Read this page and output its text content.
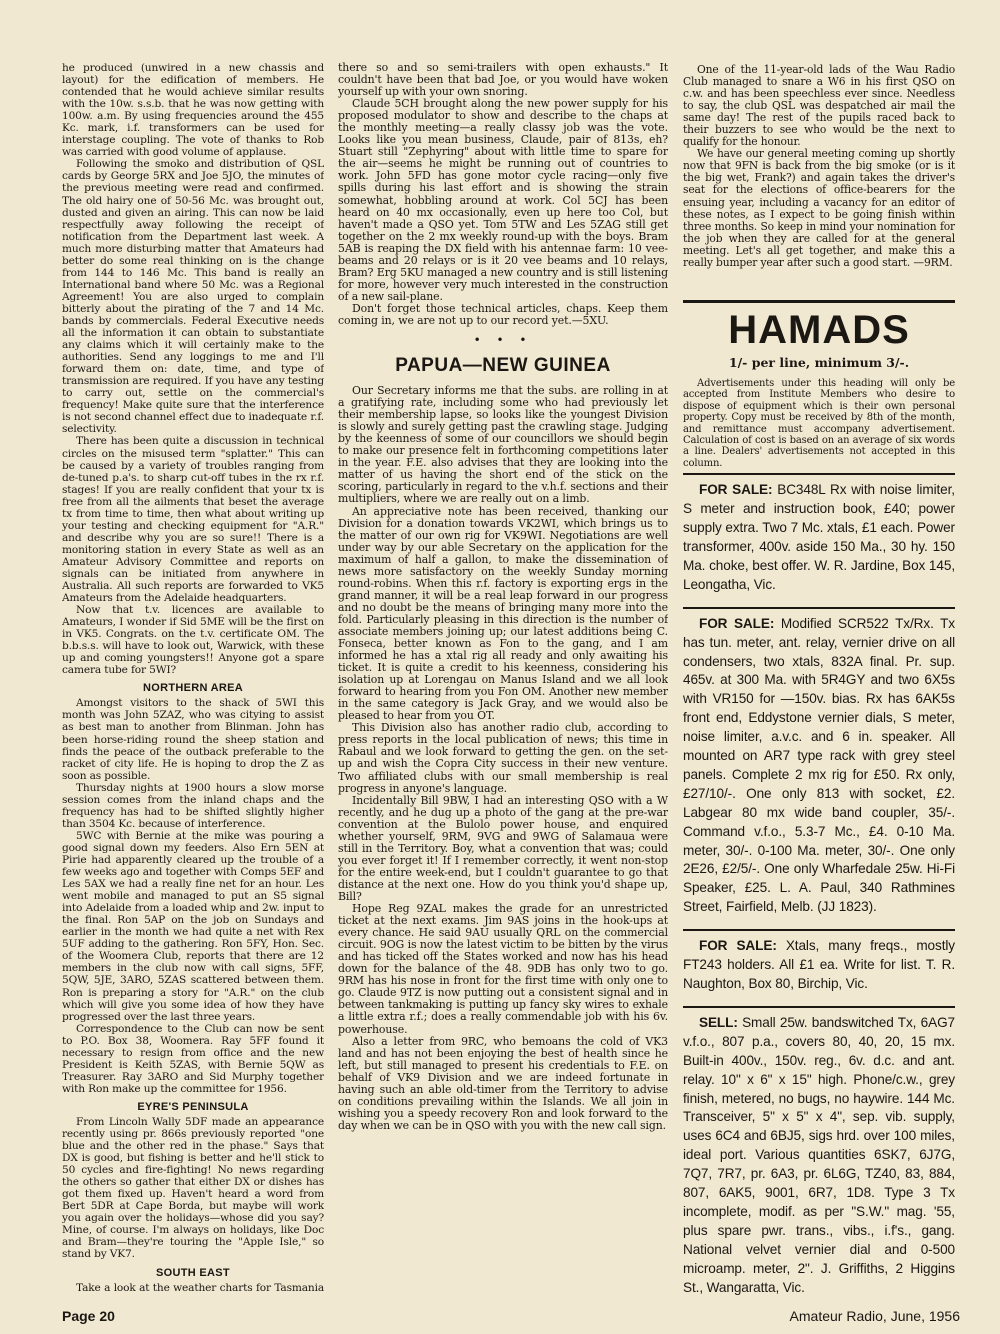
he produced (unwired in a new chassis and layout) for the edification of members. He contended that he would achieve similar results with the 10w. s.s.b. that he was now getting with 100w. a.m. By using frequencies around the 455 Kc. mark, i.f. transformers can be used for interstage coupling. The vote of thanks to Rob was carried with good volume of applause.

Following the smoko and distribution of QSL cards by George 5RX and Joe 5JO, the minutes of the previous meeting were read and confirmed. The old hairy one of 50-56 Mc. was brought out, dusted and given an airing. This can now be laid respectfully away following the receipt of notification from the Department last week. A much more disturbing matter that Amateurs had better do some real thinking on is the change from 144 to 146 Mc. This band is really an International band where 50 Mc. was a Regional Agreement! You are also urged to complain bitterly about the pirating of the 7 and 14 Mc. bands by commercials. Federal Executive needs all the information it can obtain to substantiate any claims which it will certainly make to the authorities. Send any loggings to me and I'll forward them on: date, time, and type of transmission are required. If you have any testing to carry out, settle on the commercial's frequency! Make quite sure that the interference is not second channel effect due to inadequate r.f. selectivity.

There has been quite a discussion in technical circles on the misused term "splatter." This can be caused by a variety of troubles ranging from de-tuned p.a's. to sharp cut-off tubes in the rx r.f. stages! If you are really confident that your tx is free from all the ailments that beset the average tx from time to time, then what about writing up your testing and checking equipment for "A.R." and describe why you are so sure!! There is a monitoring station in every State as well as an Amateur Advisory Committee and reports on signals can be initiated from anywhere in Australia. All such reports are forwarded to VK5 Amateurs from the Adelaide headquarters.

Now that t.v. licences are available to Amateurs, I wonder if Sid 5ME will be the first on in VK5. Congrats. on the t.v. certificate OM. The b.b.s.s. will have to look out, Warwick, with these up and coming youngsters!! Anyone got a spare camera tube for 5WI?

NORTHERN AREA

Amongst visitors to the shack of 5WI this month was John 5ZAZ, who was citying to assist as best man to another from Blinman. John has been horse-riding round the sheep station and finds the peace of the outback preferable to the racket of city life. He is hoping to drop the Z as soon as possible.

Thursday nights at 1900 hours a slow morse session comes from the inland chaps and the frequency has had to be shifted slightly higher than 3504 Kc. because of interference.

5WC with Bernie at the mike was pouring a good signal down my feeders. Also Ern 5EN at Pirie had apparently cleared up the trouble of a few weeks ago and together with Comps 5EF and Les 5AX we had a really fine net for an hour. Les went mobile and managed to put an S5 signal into Adelaide from a loaded whip and 2w. input to the final. Ron 5AP on the job on Sundays and earlier in the month we had quite a net with Rex 5UF adding to the gathering. Ron 5FY, Hon. Sec. of the Woomera Club, reports that there are 12 members in the club now with call signs, 5FF, 5QW, 5JE, 3ARO, 5ZAS scattered between them. Ron is preparing a story for "A.R." on the club which will give you some idea of how they have progressed over the last three years.

Correspondence to the Club can now be sent to P.O. Box 38, Woomera. Ray 5FF found it necessary to resign from office and the new President is Keith 5ZAS, with Bernie 5QW as Treasurer. Ray 3ARO and Sid Murphy together with Ron make up the committee for 1956.

EYRE'S PENINSULA

From Lincoln Wally 5DF made an appearance recently using pr. 866s previously reported "one blue and the other red in the phase." Says that DX is good, but fishing is better and he'll stick to 50 cycles and fire-fighting! No news regarding the others so gather that either DX or dishes has got them fixed up. Haven't heard a word from Bert 5DR at Cape Borda, but maybe will work you again over the holidays—whose did you say? Mine, of course. I'm always on holidays, like Doc and Bram—they're touring the "Apple Isle," so stand by VK7.

SOUTH EAST

Take a look at the weather charts for Tasmania

there so and so semi-trailers with open exhausts." It couldn't have been that bad Joe, or you would have woken yourself up with your own snoring.

Claude 5CH brought along the new power supply for his proposed modulator to show and describe to the chaps at the monthly meeting—a really classy job was the vote. Looks like you mean business, Claude, pair of 813s, eh? Stuart still "Zephyring" about with little time to spare for the air—seems he might be running out of countries to work. John 5FD has gone motor cycle racing—only five spills during his last effort and is showing the strain somewhat, hobbling around at work. Col 5CJ has been heard on 40 mx occasionally, even up here too Col, but haven't made a QSO yet. Tom 5TW and Les 5ZAG still get together on the 2 mx weekly round-up with the boys. Bram 5AB is reaping the DX field with his antennae farm: 10 vee-beams and 20 relays or is it 20 vee beams and 10 relays, Bram? Erg 5KU managed a new country and is still listening for more, however very much interested in the construction of a new sail-plane.

Don't forget those technical articles, chaps. Keep them coming in, we are not up to our record yet.—5XU.

• • •
PAPUA—NEW GUINEA

Our Secretary informs me that the subs. are rolling in at a gratifying rate, including some who had previously let their membership lapse, so looks like the youngest Division is slowly and surely getting past the crawling stage. Judging by the keenness of some of our councillors we should begin to make our presence felt in forthcoming competitions later in the year. F.E. also advises that they are looking into the matter of us having the short end of the stick on the scoring, particularly in regard to the v.h.f. sections and their multipliers, where we are really out on a limb.

An appreciative note has been received, thanking our Division for a donation towards VK2WI, which brings us to the matter of our own rig for VK9WI. Negotiations are well under way by our able Secretary on the application for the maximum of half a gallon, to make the dissemination of news more satisfactory on the weekly Sunday morning round-robins. When this r.f. factory is exporting ergs in the grand manner, it will be a real leap forward in our progress and no doubt be the means of bringing many more into the fold. Particularly pleasing in this direction is the number of associate members joining up; our latest additions being C. Fonseca, better known as Fon to the gang, and I am informed he has a xtal rig all ready and only awaiting his ticket. It is quite a credit to his keenness, considering his isolation up at Lorengau on Manus Island and we all look forward to hearing from you Fon OM. Another new member in the same category is Jack Gray, and we would also be pleased to hear from you OT.

This Division also has another radio club, according to press reports in the local publication of news; this time in Rabaul and we look forward to getting the gen. on the set-up and wish the Copra City success in their new venture. Two affiliated clubs with our small membership is real progress in anyone's language.

Incidentally Bill 9BW, I had an interesting QSO with a W recently, and he dug up a photo of the gang at the pre-war convention at the Bulolo power house, and enquired whether yourself, 9RM, 9VG and 9WG of Salamaua were still in the Territory. Boy, what a convention that was; could you ever forget it! If I remember correctly, it went non-stop for the entire week-end, but I couldn't guarantee to go that distance at the next one. How do you think you'd shape up, Bill?

Hope Reg 9ZAL makes the grade for an unrestricted ticket at the next exams. Jim 9AS joins in the hook-ups at every chance. He said 9AU usually QRL on the commercial circuit. 9OG is now the latest victim to be bitten by the virus and has ticked off the States worked and now has his head down for the balance of the 48. 9DB has only two to go. 9RM has his nose in front for the first time with only one to go. Claude 9TZ is now putting out a consistent signal and in between tankmaking is putting up fancy sky wires to exhale a little extra r.f.; does a really commendable job with his 6v. powerhouse.

Also a letter from 9RC, who bemoans the cold of VK3 land and has not been enjoying the best of health since he left, but still managed to present his credentials to F.E. on behalf of VK9 Division and we are indeed fortunate in having such an able old-timer from the Territory to advise on conditions prevailing within the Islands. We all join in wishing you a speedy recovery Ron and look forward to the day when we can be in QSO with you with the new call sign.

One of the 11-year-old lads of the Wau Radio Club managed to snare a W6 in his first QSO on c.w. and has been speechless ever since. Needless to say, the club QSL was despatched air mail the same day! The rest of the pupils raced back to their buzzers to see who would be the next to qualify for the honour.

We have our general meeting coming up shortly now that 9FN is back from the big smoke (or is it the big wet, Frank?) and again takes the driver's seat for the elections of office-bearers for the ensuing year, including a vacancy for an editor of these notes, as I expect to be going finish within three months. So keep in mind your nomination for the job when they are called for at the general meeting. Let's all get together, and make this a really bumper year after such a good start. —9RM.

HAMADS
1/- per line, minimum 3/-.

Advertisements under this heading will only be accepted from Institute Members who desire to dispose of equipment which is their own personal property. Copy must be received by 8th of the month, and remittance must accompany advertisement. Calculation of cost is based on an average of six words a line. Dealers' advertisements not accepted in this column.

FOR SALE: BC348L Rx with noise limiter, S meter and instruction book, £40; power supply extra. Two 7 Mc. xtals, £1 each. Power transformer, 400v. aside 150 Ma., 30 hy. 150 Ma. choke, best offer. W. R. Jardine, Box 145, Leongatha, Vic.

FOR SALE: Modified SCR522 Tx/Rx. Tx has tun. meter, ant. relay, vernier drive on all condensers, two xtals, 832A final. Pr. sup. 465v. at 300 Ma. with 5R4GY and two 6X5s with VR150 for —150v. bias. Rx has 6AK5s front end, Eddystone vernier dials, S meter, noise limiter, a.v.c. and 6 in. speaker. All mounted on AR7 type rack with grey steel panels. Complete 2 mx rig for £50. Rx only, £27/10/-. One only 813 with socket, £2. Labgear 80 mx wide band coupler, 35/-. Command v.f.o., 5.3-7 Mc., £4. 0-10 Ma. meter, 30/-. 0-100 Ma. meter, 30/-. One only 2E26, £2/5/-. One only Wharfedale 25w. Hi-Fi Speaker, £25. L. A. Paul, 340 Rathmines Street, Fairfield, Melb. (JJ 1823).

FOR SALE: Xtals, many freqs., mostly FT243 holders. All £1 ea. Write for list. T. R. Naughton, Box 80, Birchip, Vic.

SELL: Small 25w. bandswitched Tx, 6AG7 v.f.o., 807 p.a., covers 80, 40, 20, 15 mx. Built-in 400v., 150v. reg., 6v. d.c. and ant. relay. 10" x 6" x 15" high. Phone/c.w., grey finish, metered, no bugs, no haywire. 144 Mc. Transceiver, 5" x 5" x 4", sep. vib. supply, uses 6C4 and 6BJ5, sigs hrd. over 100 miles, ideal port. Various quantities 6SK7, 6J7G, 7Q7, 7R7, pr. 6A3, pr. 6L6G, TZ40, 83, 884, 807, 6AK5, 9001, 6R7, 1D8. Type 3 Tx incomplete, modif. as per "S.W." mag. '55, plus spare pwr. trans., vibs., i.f's., gang. National velvet vernier dial and 0-500 microamp. meter, 2". J. Griffiths, 2 Higgins St., Wangaratta, Vic.

Page 20	Amateur Radio, June, 1956
